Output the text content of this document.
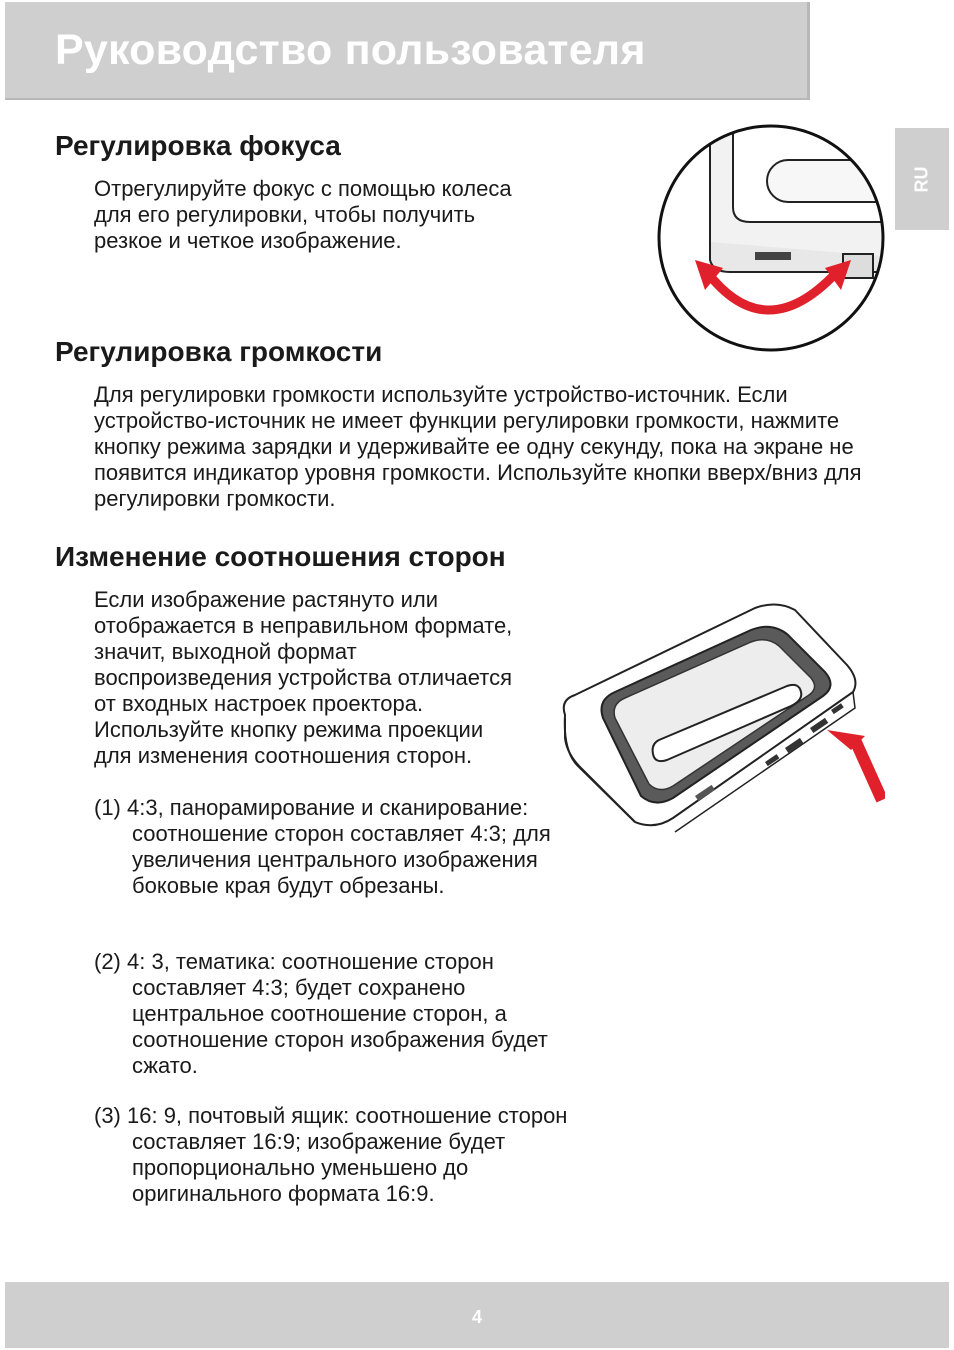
Руководство пользователя
RU
Регулировка фокуса

Отрегулируйте фокус с помощью колеса для его регулировки, чтобы получить резкое и четкое изображение.

Регулировка громкости

Для регулировки громкости используйте устройство-источник. Если устройство-источник не имеет функции регулировки громкости, нажмите кнопку режима зарядки и удерживайте ее одну секунду, пока на экране не появится индикатор уровня громкости. Используйте кнопки вверх/вниз для регулировки громкости.

Изменение соотношения сторон

Если изображение растянуто или отображается в неправильном формате, значит, выходной формат воспроизведения устройства отличается от входных настроек проектора. Используйте кнопку режима проекции для изменения соотношения сторон.

(1) 4:3, панорамирование и сканирование: соотношение сторон составляет 4:3; для увеличения центрального изображения боковые края будут обрезаны.

(2) 4: 3, тематика: соотношение сторон составляет 4:3; будет сохранено центральное соотношение сторон, а соотношение сторон изображения будет сжато.

(3) 16: 9, почтовый ящик: соотношение сторон составляет 16:9; изображение будет пропорционально уменьшено до оригинального формата 16:9.

4
